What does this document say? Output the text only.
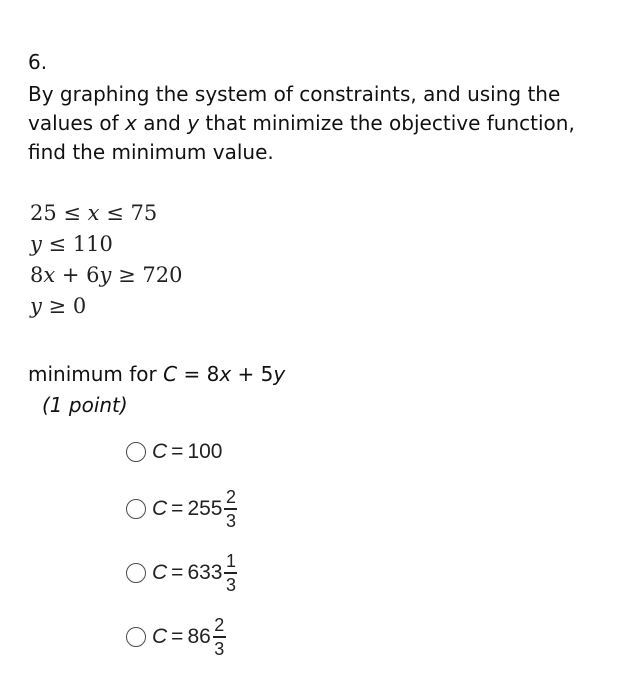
6.
By graphing the system of constraints, and using the values of x and y that minimize the objective function, find the minimum value.
25 ≤ x ≤ 75
y ≤ 110
8x + 6y ≥ 720
y ≥ 0
minimum for C = 8x + 5y
(1 point)
C = 100
$C = 255 \frac{2}{3}$
$C = 633 \frac{1}{3}$
$C = 86 \frac{2}{3}$
